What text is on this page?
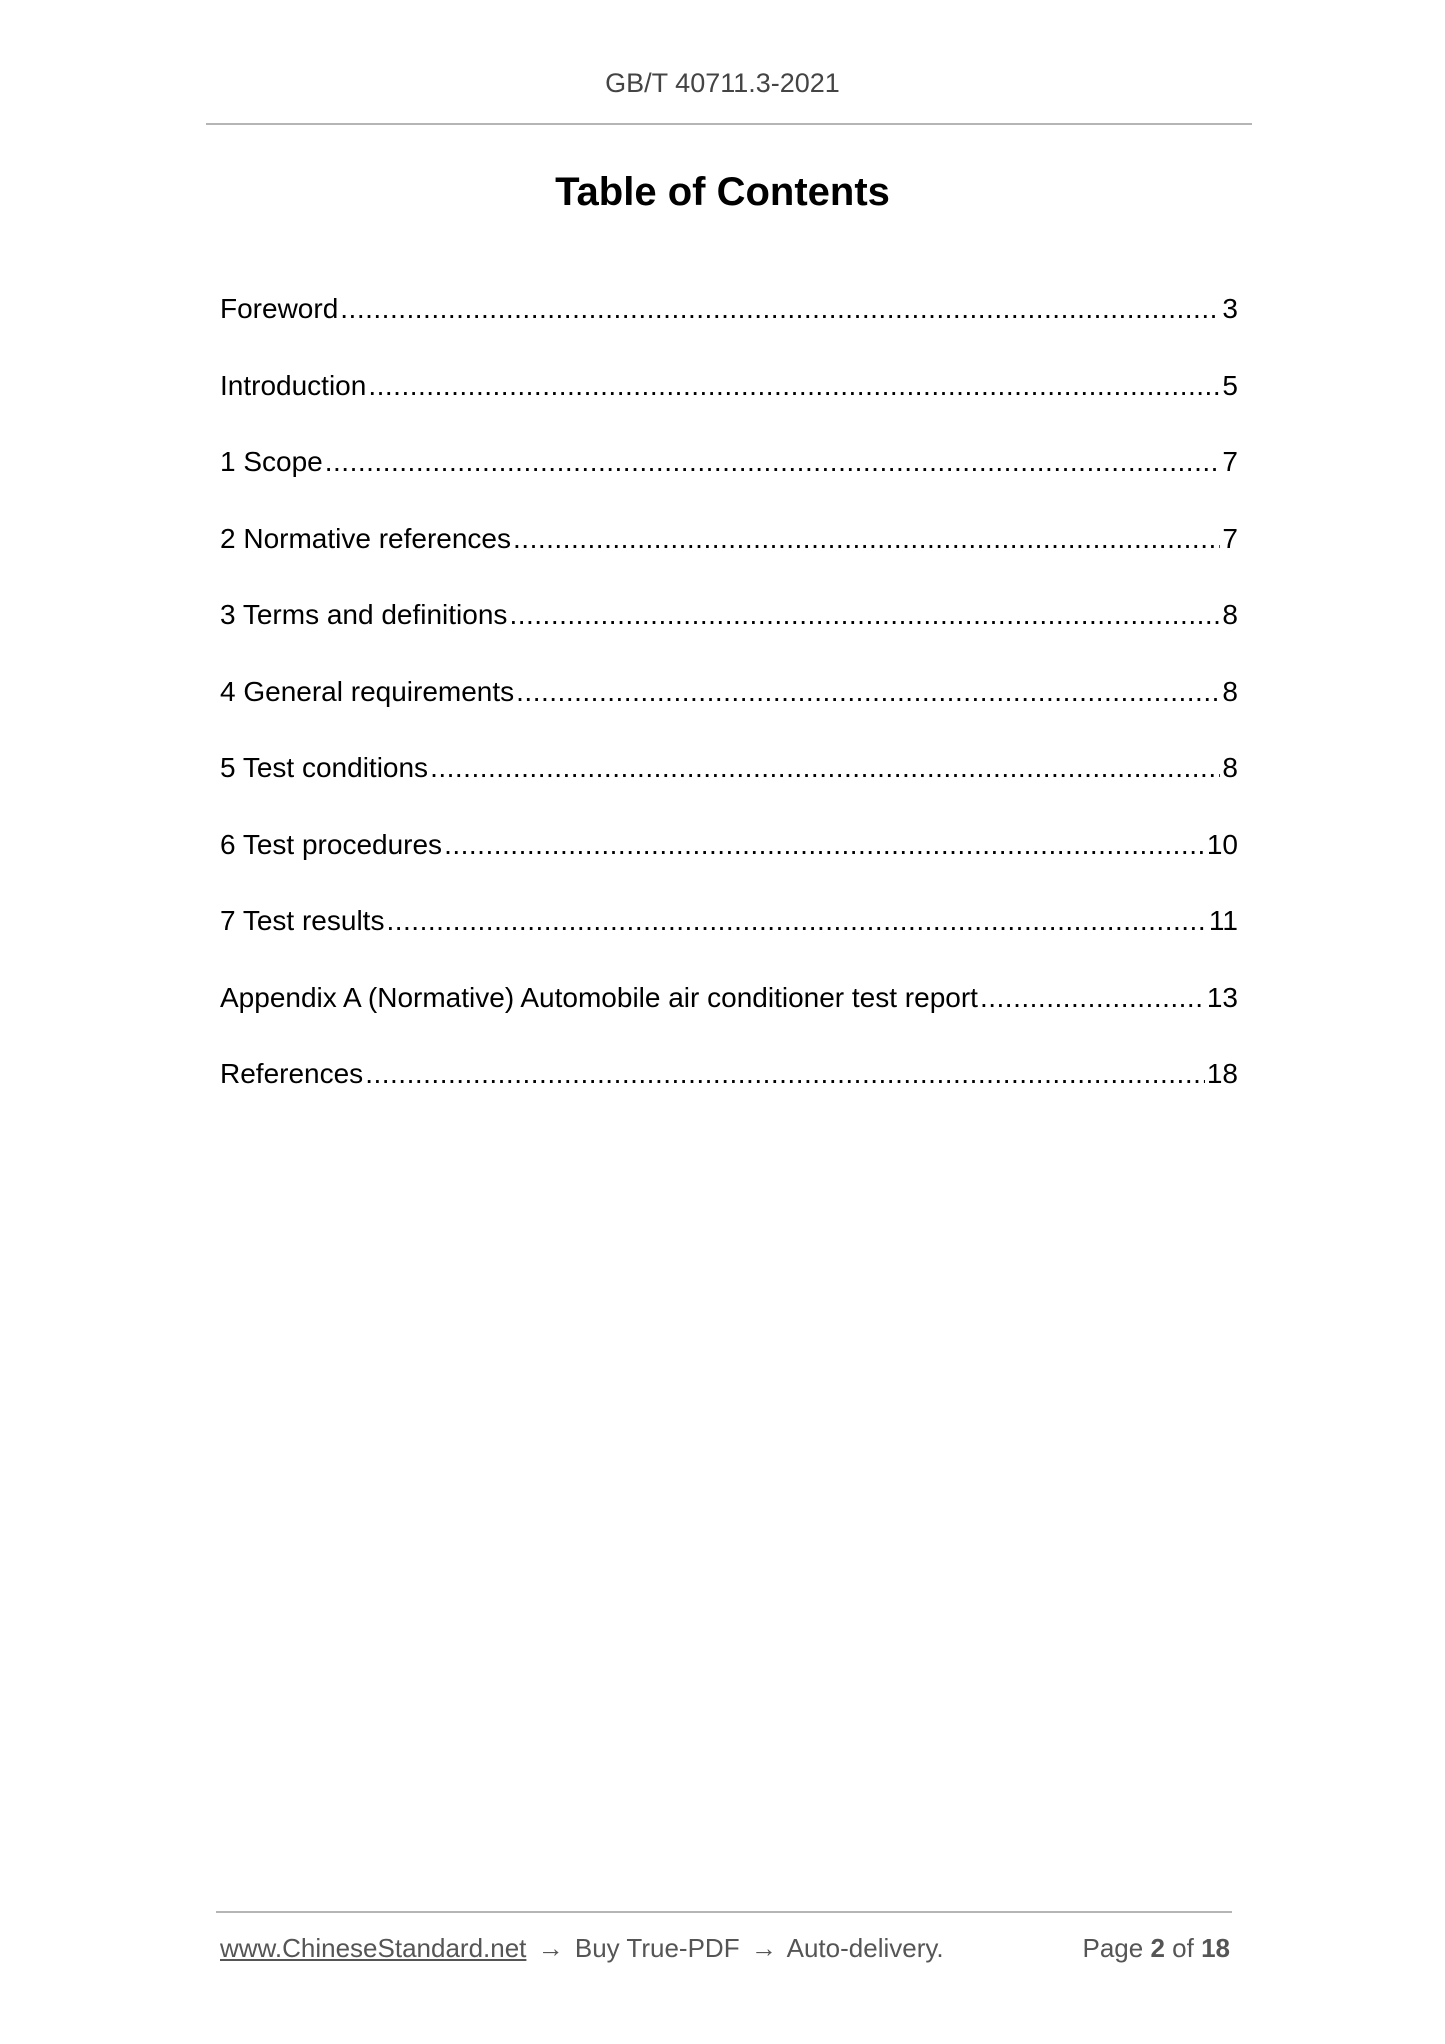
GB/T 40711.3-2021
Table of Contents
Foreword .....	3
Introduction .....	5
1 Scope .....	7
2 Normative references .....	7
3 Terms and definitions .....	8
4 General requirements .....	8
5 Test conditions .....	8
6 Test procedures .....	10
7 Test results .....	11
Appendix A (Normative) Automobile air conditioner test report .....	13
References .....	18
www.ChineseStandard.net → Buy True-PDF → Auto-delivery.	Page 2 of 18
